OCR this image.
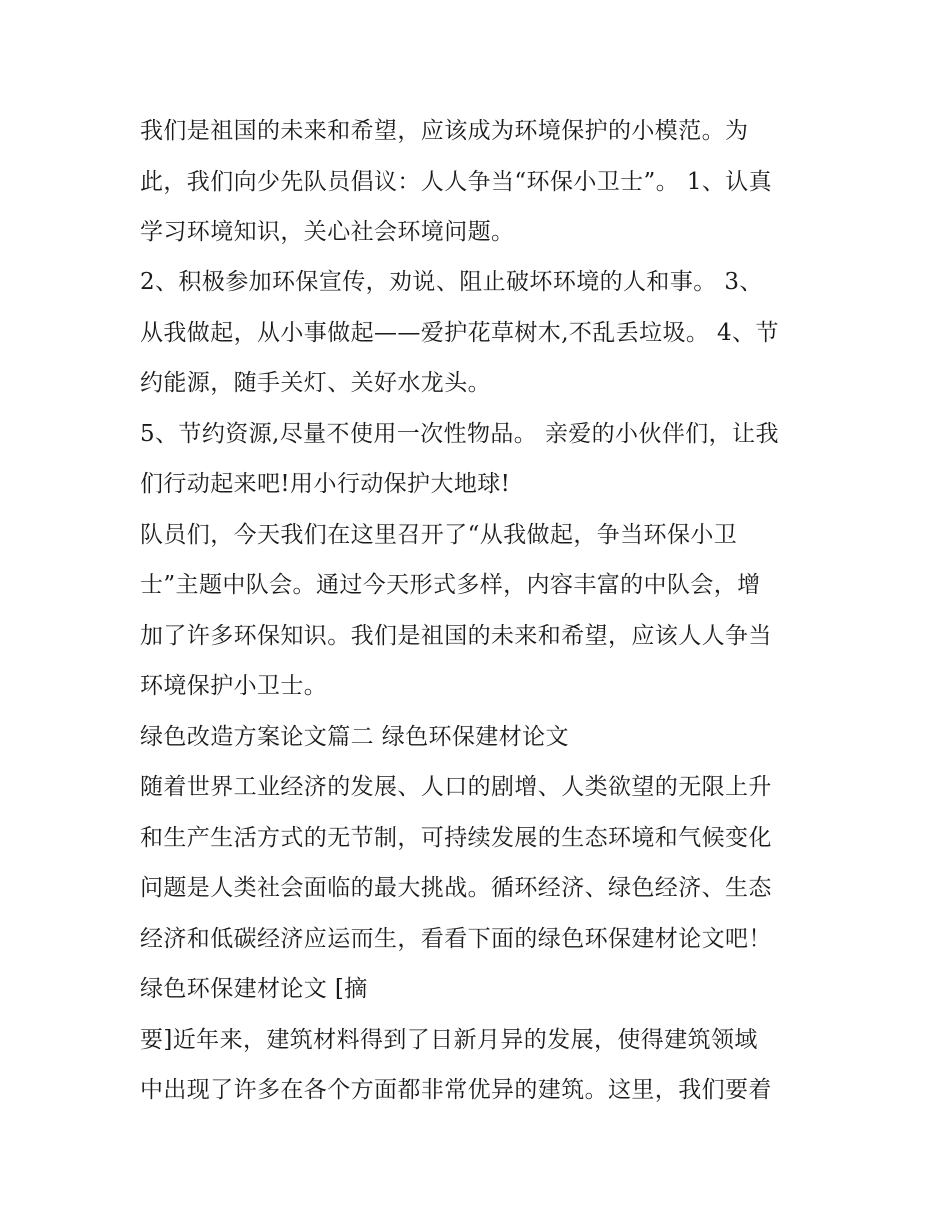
我们是祖国的未来和希望，应该成为环境保护的小模范。为
此，我们向少先队员倡议：人人争当“环保小卫士”。 1、认真
学习环境知识，关心社会环境问题。
2、积极参加环保宣传，劝说、阻止破坏环境的人和事。 3、
从我做起，从小事做起——爱护花草树木,不乱丢垃圾。 4、节
约能源，随手关灯、关好水龙头。
5、节约资源,尽量不使用一次性物品。 亲爱的小伙伴们，让我
们行动起来吧!用小行动保护大地球!
队员们，今天我们在这里召开了“从我做起，争当环保小卫
士”主题中队会。通过今天形式多样，内容丰富的中队会，增
加了许多环保知识。我们是祖国的未来和希望，应该人人争当
环境保护小卫士。
绿色改造方案论文篇二 绿色环保建材论文
随着世界工业经济的发展、人口的剧增、人类欲望的无限上升
和生产生活方式的无节制，可持续发展的生态环境和气候变化
问题是人类社会面临的最大挑战。循环经济、绿色经济、生态
经济和低碳经济应运而生，看看下面的绿色环保建材论文吧！
绿色环保建材论文 [摘
要]近年来，建筑材料得到了日新月异的发展，使得建筑领域
中出现了许多在各个方面都非常优异的建筑。这里，我们要着
